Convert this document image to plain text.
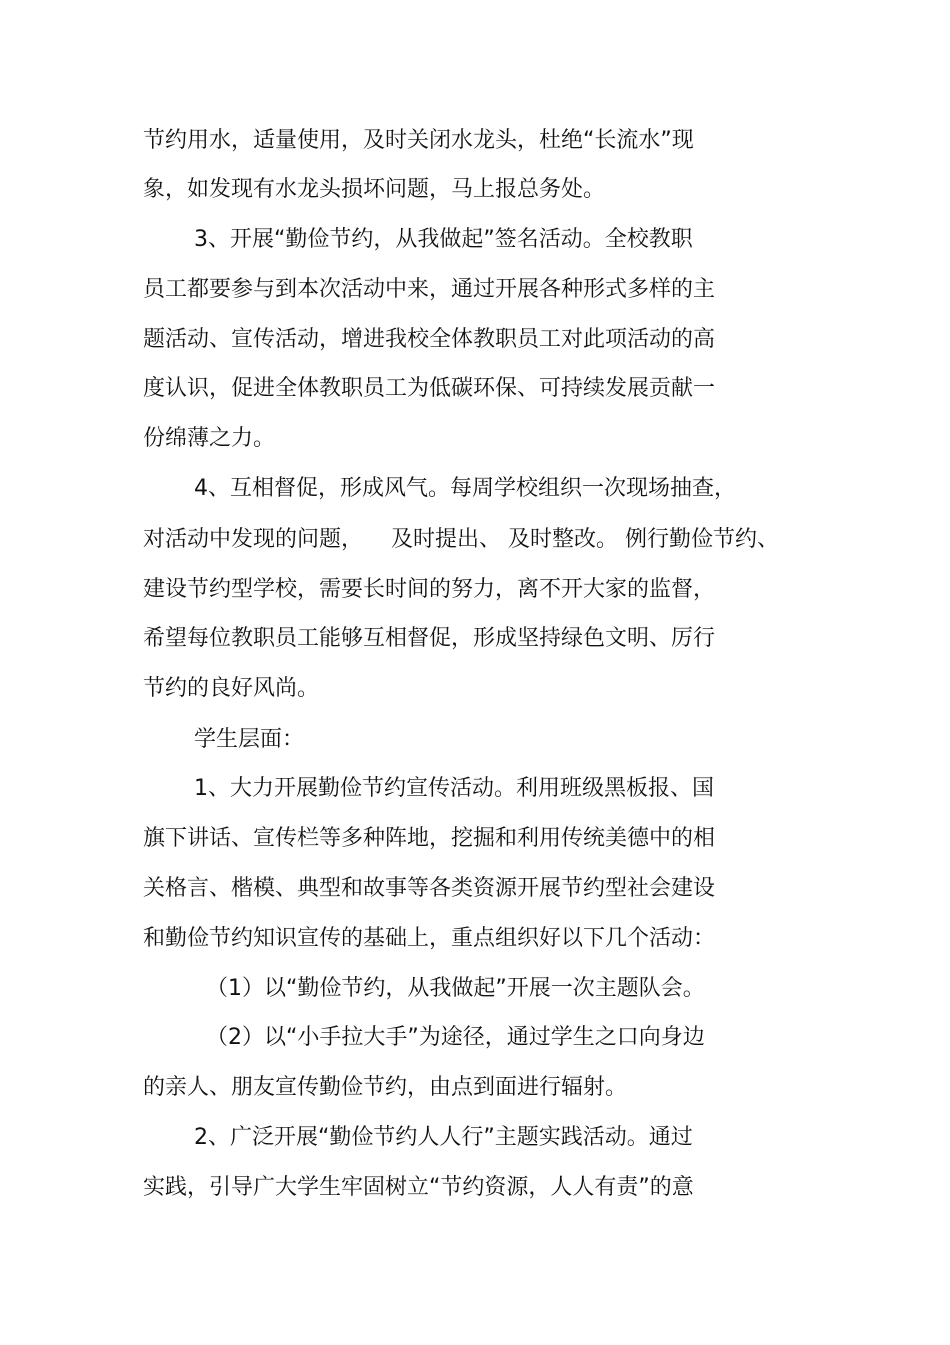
节约用水，适量使用，及时关闭水龙头，杜绝“长流水”现
象，如发现有水龙头损坏问题，马上报总务处。
3、开展“勤俭节约，从我做起”签名活动。全校教职
员工都要参与到本次活动中来，通过开展各种形式多样的主
题活动、宣传活动，增进我校全体教职员工对此项活动的高
度认识，促进全体教职员工为低碳环保、可持续发展贡献一
份绵薄之力。
4、互相督促，形成风气。每周学校组织一次现场抽查，
对活动中发现的问题，    及时提出、 及时整改。 例行勤俭节约、
建设节约型学校，需要长时间的努力，离不开大家的监督，
希望每位教职员工能够互相督促，形成坚持绿色文明、厉行
节约的良好风尚。
学生层面：
1、大力开展勤俭节约宣传活动。利用班级黑板报、国
旗下讲话、宣传栏等多种阵地，挖掘和利用传统美德中的相
关格言、楷模、典型和故事等各类资源开展节约型社会建设
和勤俭节约知识宣传的基础上，重点组织好以下几个活动：
（1）以“勤俭节约，从我做起”开展一次主题队会。
（2）以“小手拉大手”为途径，通过学生之口向身边
的亲人、朋友宣传勤俭节约，由点到面进行辐射。
2、广泛开展“勤俭节约人人行”主题实践活动。通过
实践，引导广大学生牢固树立“节约资源，人人有责”的意
